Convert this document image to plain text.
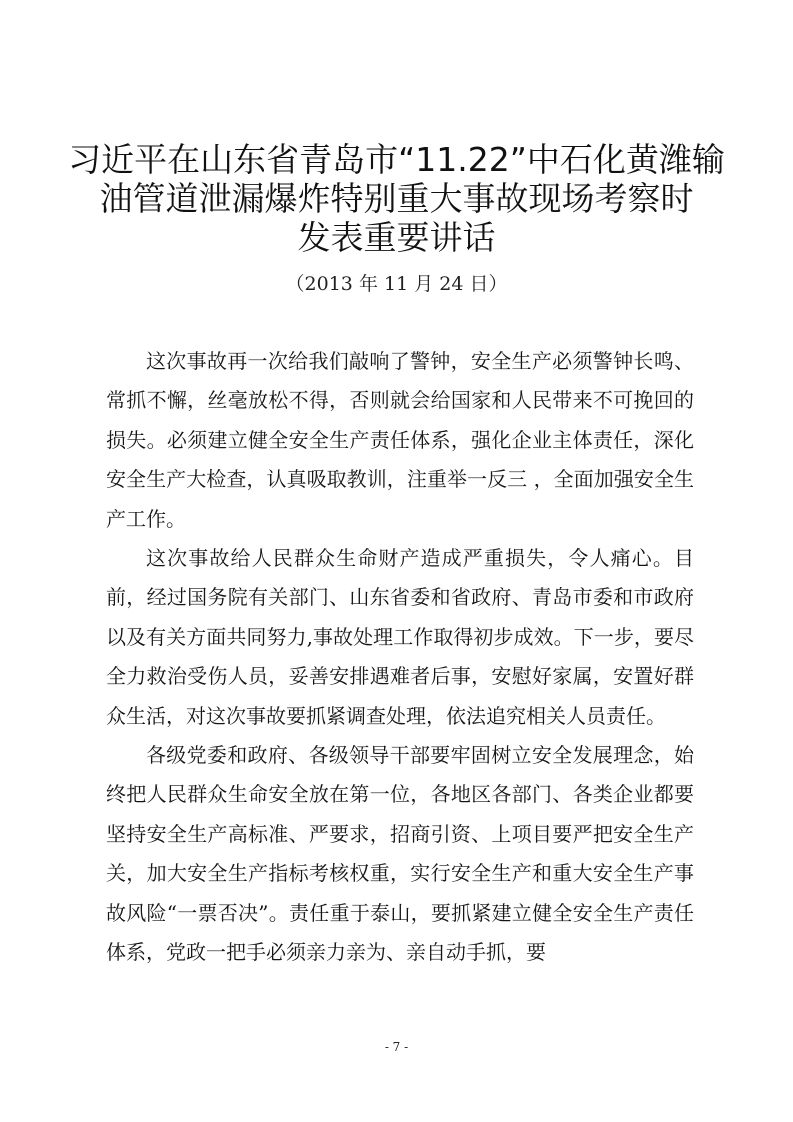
习近平在山东省青岛市“11.22”中石化黄潍输
油管道泄漏爆炸特别重大事故现场考察时
发表重要讲话
（2013 年 11 月 24 日）

这次事故再一次给我们敲响了警钟，安全生产必须警钟长鸣、常抓不懈，丝毫放松不得，否则就会给国家和人民带来不可挽回的损失。必须建立健全安全生产责任体系，强化企业主体责任，深化安全生产大检查，认真吸取教训，注重举一反三 ，全面加强安全生产工作。

这次事故给人民群众生命财产造成严重损失，令人痛心。目前，经过国务院有关部门、山东省委和省政府、青岛市委和市政府以及有关方面共同努力,事故处理工作取得初步成效。下一步，要尽全力救治受伤人员，妥善安排遇难者后事，安慰好家属，安置好群众生活，对这次事故要抓紧调查处理，依法追究相关人员责任。

各级党委和政府、各级领导干部要牢固树立安全发展理念，始终把人民群众生命安全放在第一位，各地区各部门、各类企业都要坚持安全生产高标准、严要求，招商引资、上项目要严把安全生产关，加大安全生产指标考核权重，实行安全生产和重大安全生产事故风险“一票否决”。责任重于泰山，要抓紧建立健全安全生产责任体系，党政一把手必须亲力亲为、亲自动手抓，要

- 7 -
